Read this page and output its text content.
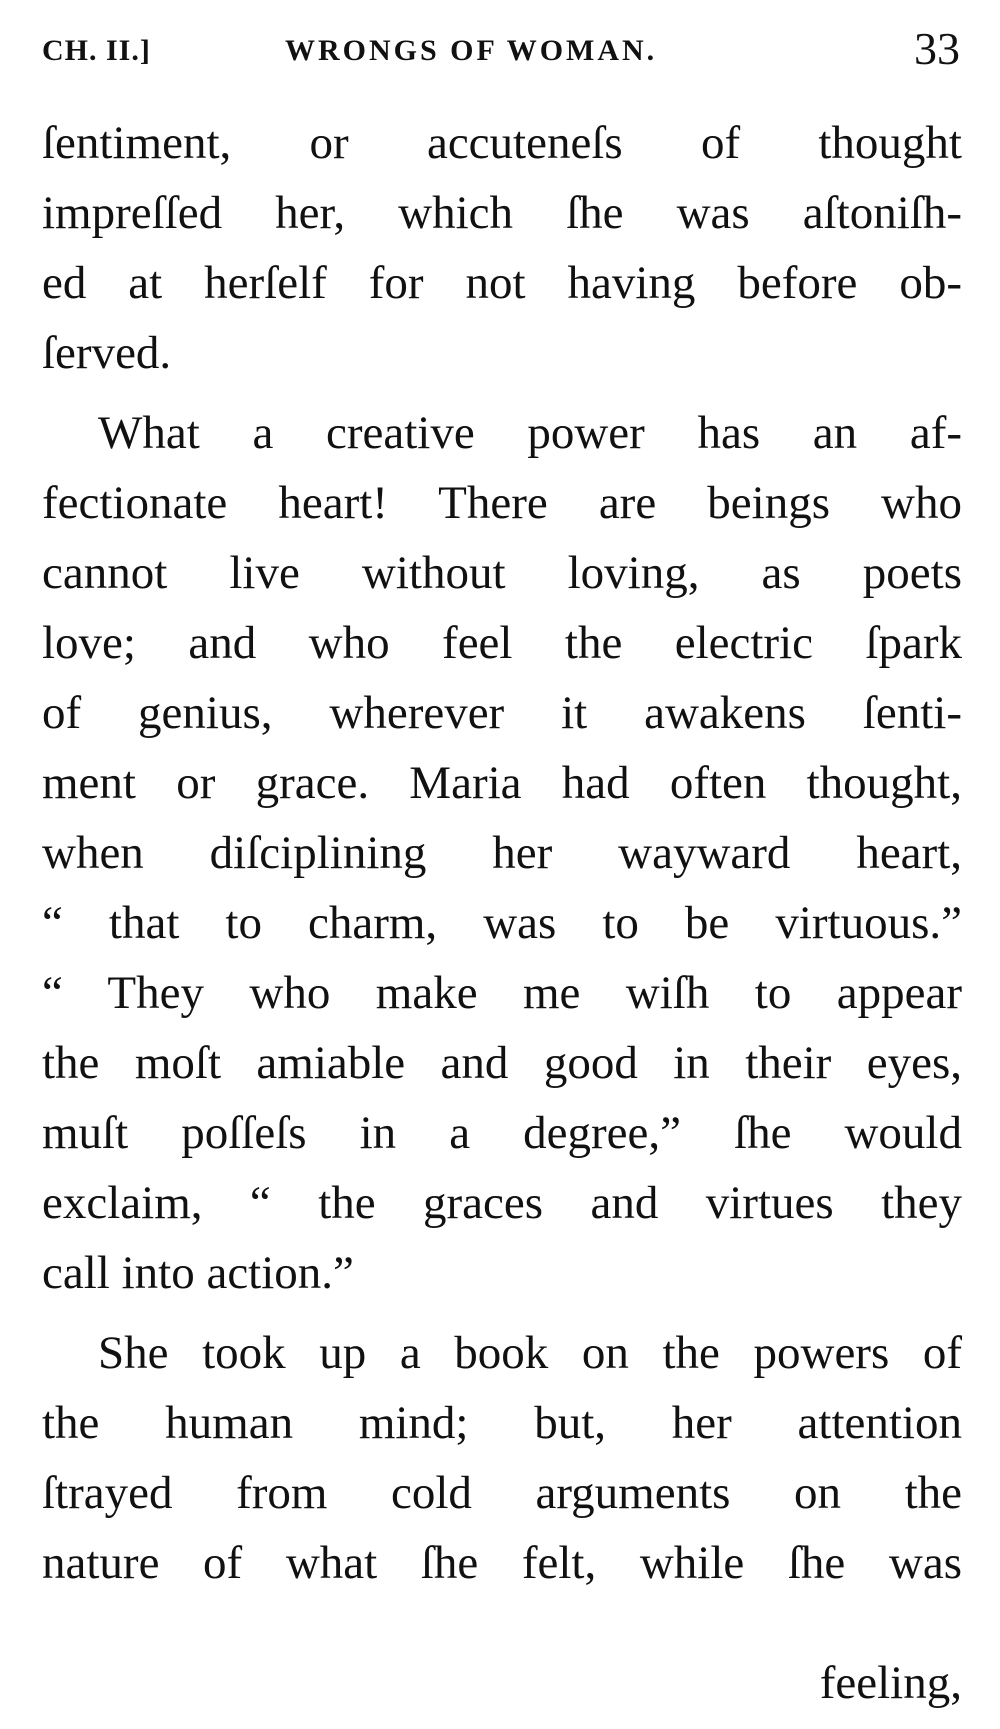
CH. II.]	WRONGS OF WOMAN.	33
ſentiment, or accuteneſs of thought
impreſſed her, which ſhe was aſtoniſh-
ed at herſelf for not having before ob-
ſerved.
What a creative power has an af-
fectionate heart! There are beings who
cannot live without loving, as poets
love; and who feel the electric ſpark
of genius, wherever it awakens ſenti-
ment or grace. Maria had often thought,
when diſciplining her wayward heart,
“ that to charm, was to be virtuous.”
“ They who make me wiſh to appear
the moſt amiable and good in their eyes,
muſt poſſeſs in a degree,” ſhe would
exclaim, “ the graces and virtues they
call into action.”
She took up a book on the powers of
the human mind; but, her attention
ſtrayed from cold arguments on the
nature of what ſhe felt, while ſhe was
feeling,
